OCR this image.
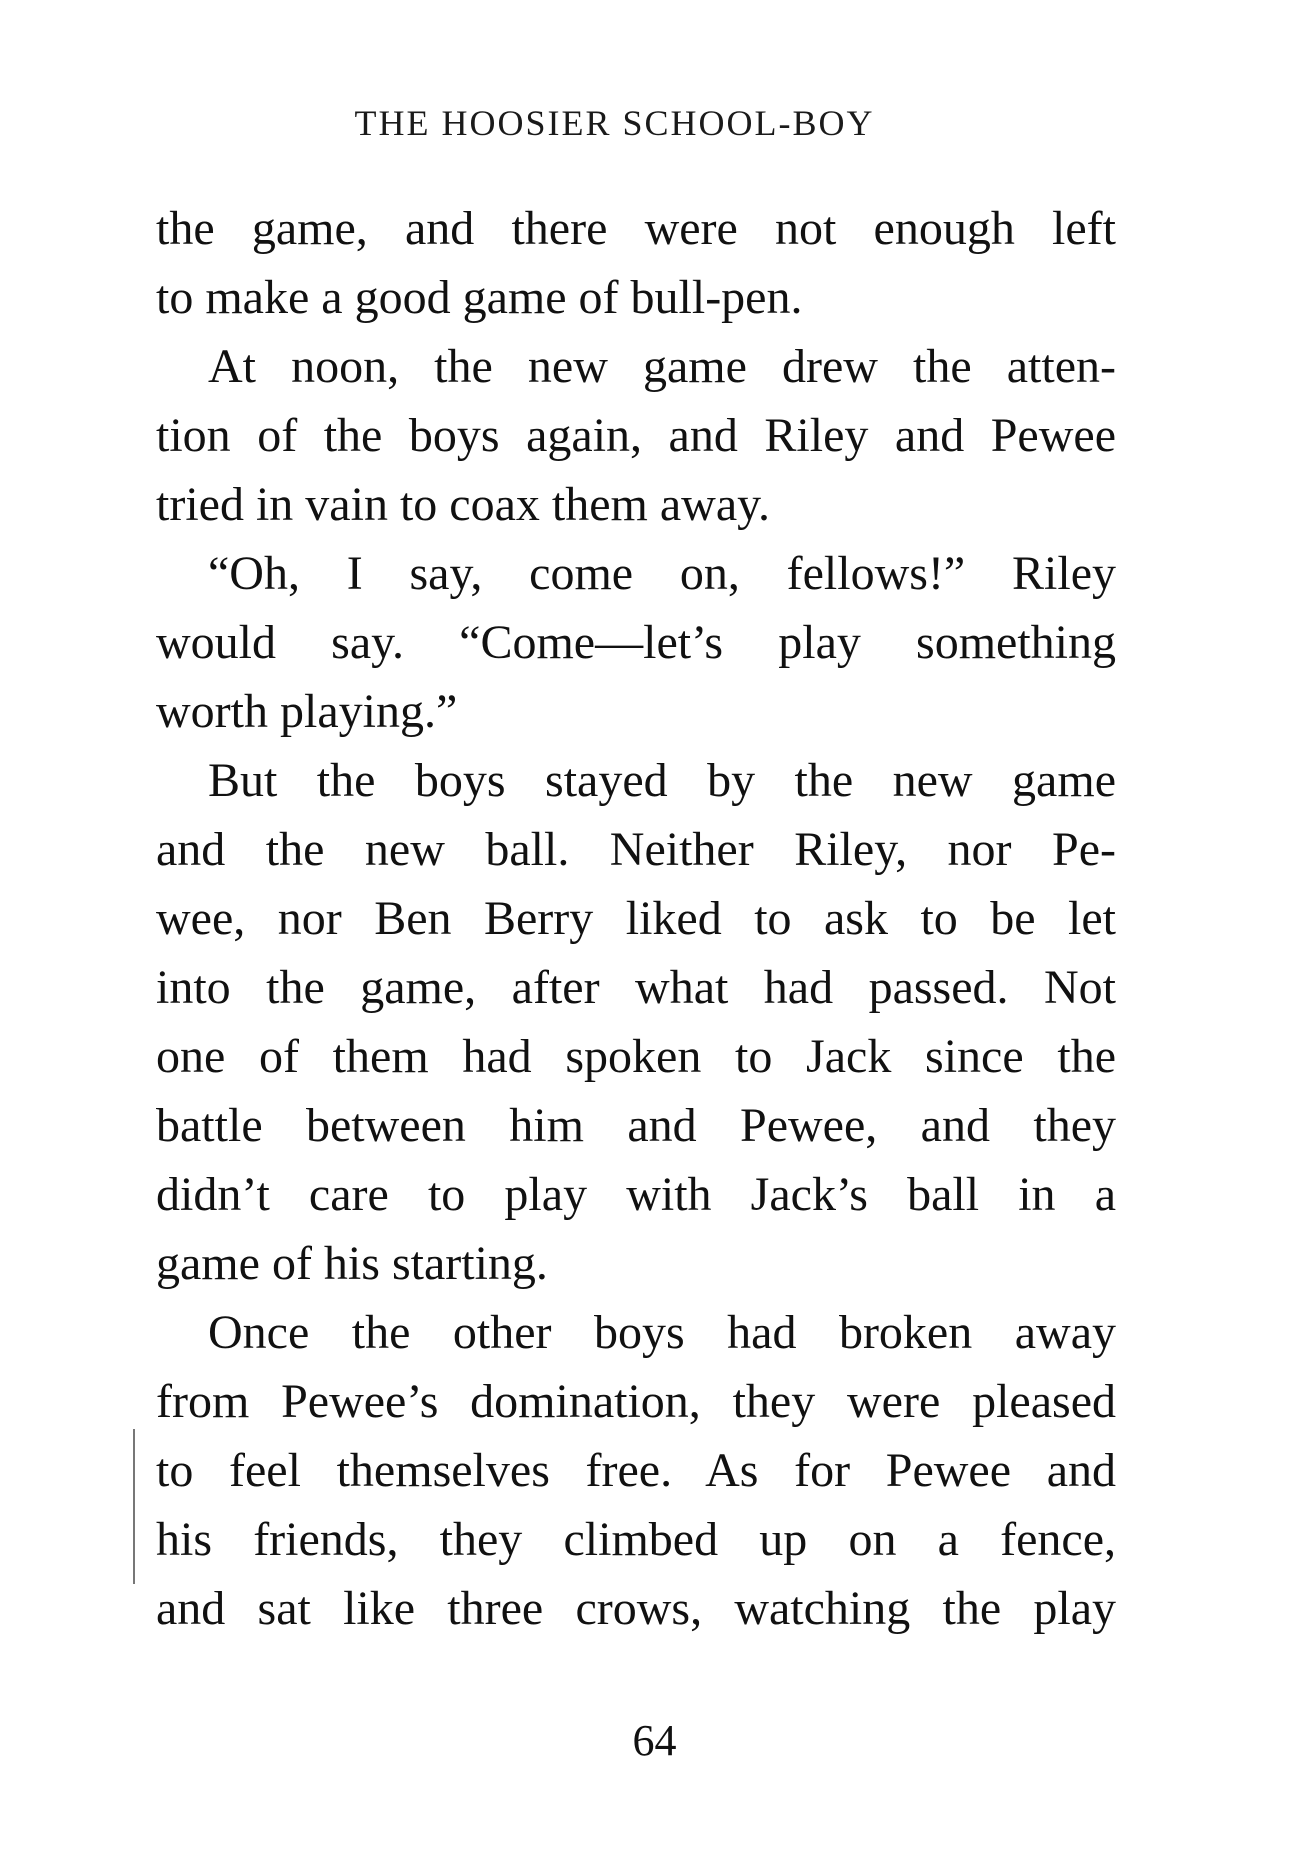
THE HOOSIER SCHOOL-BOY
the game, and there were not enough left
to make a good game of bull-pen.
At noon, the new game drew the atten-
tion of the boys again, and Riley and Pewee
tried in vain to coax them away.
“Oh, I say, come on, fellows!” Riley
would say. “Come—let’s play something
worth playing.”
But the boys stayed by the new game
and the new ball. Neither Riley, nor Pe-
wee, nor Ben Berry liked to ask to be let
into the game, after what had passed. Not
one of them had spoken to Jack since the
battle between him and Pewee, and they
didn’t care to play with Jack’s ball in a
game of his starting.
Once the other boys had broken away
from Pewee’s domination, they were pleased
to feel themselves free. As for Pewee and
his friends, they climbed up on a fence,
and sat like three crows, watching the play
64
